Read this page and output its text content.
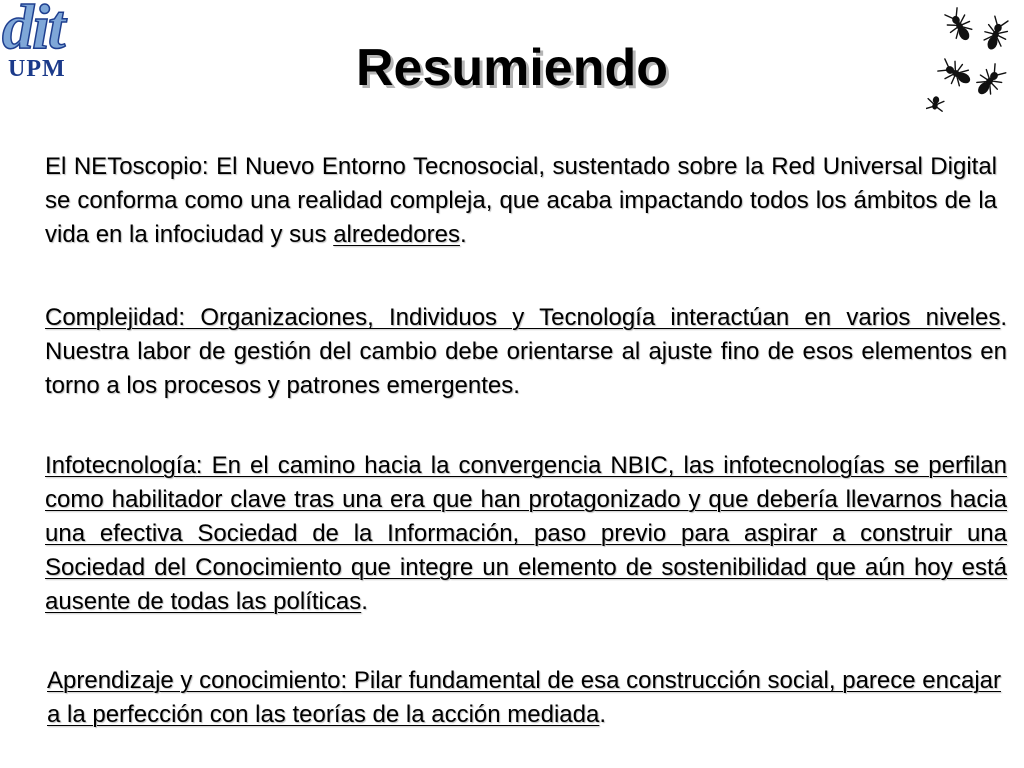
dit
UPM	Resumiendo
El NEToscopio: El Nuevo Entorno Tecnosocial, sustentado sobre la Red Universal Digital se conforma como una realidad compleja, que acaba impactando todos los ámbitos de la vida en la infociudad y sus alrededores.
Complejidad: Organizaciones, Individuos y Tecnología interactúan en varios niveles. Nuestra labor de gestión del cambio debe orientarse al ajuste fino de esos elementos en torno a los procesos y patrones emergentes.
Infotecnología: En el camino hacia la convergencia NBIC, las infotecnologías se perfilan como habilitador clave tras una era que han protagonizado y que debería llevarnos hacia una efectiva Sociedad de la Información, paso previo para aspirar a construir una Sociedad del Conocimiento que integre un elemento de sostenibilidad que aún hoy está ausente de todas las políticas.
Aprendizaje y conocimiento: Pilar fundamental de esa construcción social, parece encajar a la perfección con las teorías de la acción mediada.
